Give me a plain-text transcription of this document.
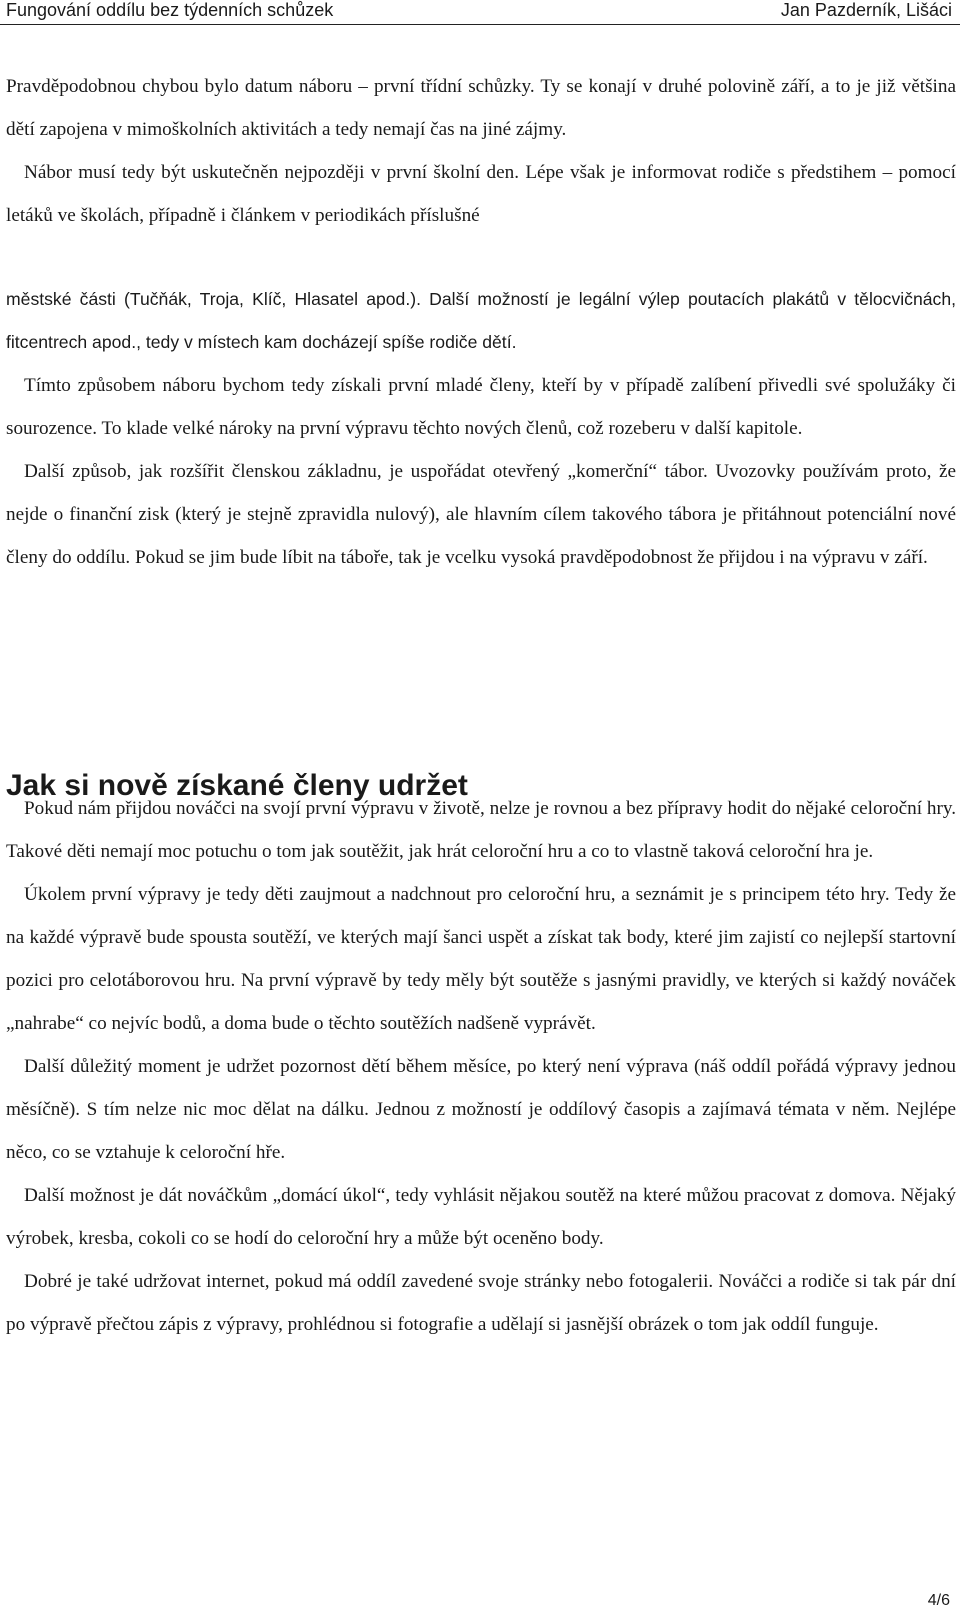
Fungování oddílu bez týdenních schůzek	Jan Pazderník, Lišáci

Pravděpodobnou chybou bylo datum náboru – první třídní schůzky. Ty se konají v druhé polovině září, a to je již většina dětí zapojena v mimoškolních aktivitách a tedy nemají čas na jiné zájmy.

Nábor musí tedy být uskutečněn nejpozději v první školní den. Lépe však je informovat rodiče s předstihem – pomocí letáků ve školách, případně i článkem v periodikách příslušné

městské části (Tučňák, Troja, Klíč, Hlasatel apod.). Další možností je legální výlep poutacích plakátů v tělocvičnách, fitcentrech apod., tedy v místech kam docházejí spíše rodiče dětí.

Tímto způsobem náboru bychom tedy získali první mladé členy, kteří by v případě zalíbení přivedli své spolužáky či sourozence. To klade velké nároky na první výpravu těchto nových členů, což rozeberu v další kapitole.

Další způsob, jak rozšířit členskou základnu, je uspořádat otevřený „komerční“ tábor. Uvozovky používám proto, že nejde o finanční zisk (který je stejně zpravidla nulový), ale hlavním cílem takového tábora je přitáhnout potenciální nové členy do oddílu. Pokud se jim bude líbit na táboře, tak je vcelku vysoká pravděpodobnost že přijdou i na výpravu v září.

Jak si nově získané členy udržet

Pokud nám přijdou nováčci na svojí první výpravu v životě, nelze je rovnou a bez přípravy hodit do nějaké celoroční hry. Takové děti nemají moc potuchu o tom jak soutěžit, jak hrát celoroční hru a co to vlastně taková celoroční hra je.

Úkolem první výpravy je tedy děti zaujmout a nadchnout pro celoroční hru, a seznámit je s principem této hry. Tedy že na každé výpravě bude spousta soutěží, ve kterých mají šanci uspět a získat tak body, které jim zajistí co nejlepší startovní pozici pro celotáborovou hru. Na první výpravě by tedy měly být soutěže s jasnými pravidly, ve kterých si každý nováček „nahrabe“ co nejvíc bodů, a doma bude o těchto soutěžích nadšeně vyprávět.

Další důležitý moment je udržet pozornost dětí během měsíce, po který není výprava (náš oddíl pořádá výpravy jednou měsíčně). S tím nelze nic moc dělat na dálku. Jednou z možností je oddílový časopis a zajímavá témata v něm. Nejlépe něco, co se vztahuje k celoroční hře.

Další možnost je dát nováčkům „domácí úkol“, tedy vyhlásit nějakou soutěž na které můžou pracovat z domova. Nějaký výrobek, kresba, cokoli co se hodí do celoroční hry a může být oceněno body.

Dobré je také udržovat internet, pokud má oddíl zavedené svoje stránky nebo fotogalerii. Nováčci a rodiče si tak pár dní po výpravě přečtou zápis z výpravy, prohlédnou si fotografie a udělají si jasnější obrázek o tom jak oddíl funguje.

4/6
